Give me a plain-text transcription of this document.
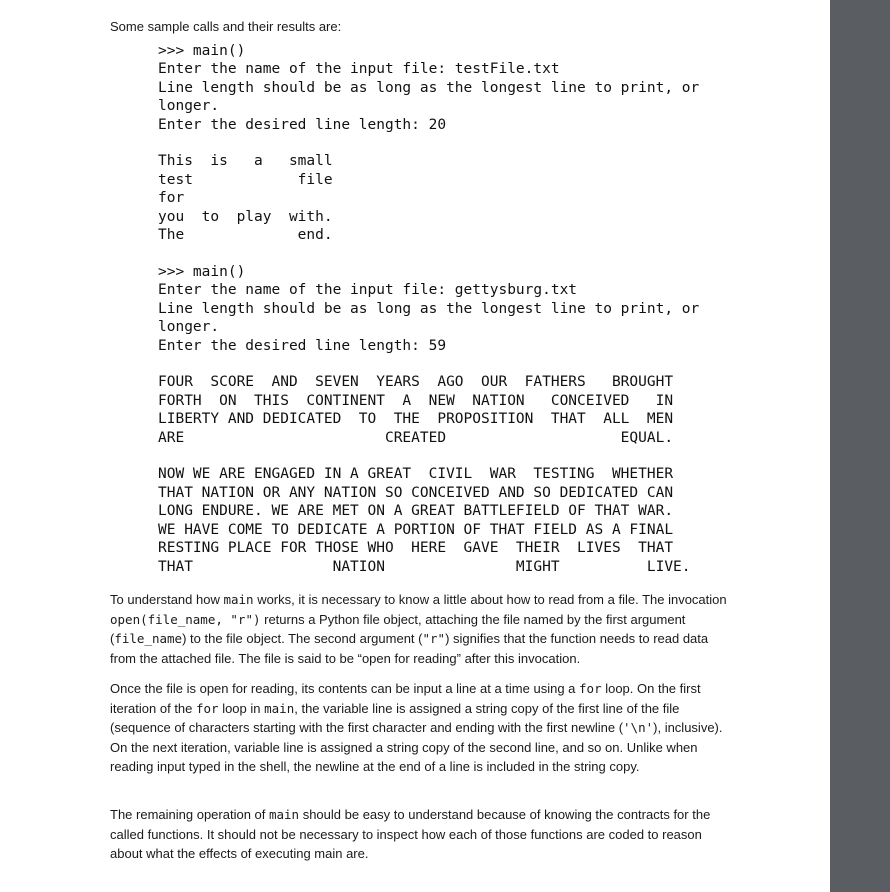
Some sample calls and their results are:
>>> main()
Enter the name of the input file: testFile.txt
Line length should be as long as the longest line to print, or
longer.
Enter the desired line length: 20

This  is   a   small
test            file
for
you  to  play  with.
The             end.
>>> main()
Enter the name of the input file: gettysburg.txt
Line length should be as long as the longest line to print, or
longer.
Enter the desired line length: 59

FOUR  SCORE  AND  SEVEN  YEARS  AGO  OUR  FATHERS   BROUGHT
FORTH  ON  THIS  CONTINENT  A  NEW  NATION   CONCEIVED   IN
LIBERTY AND DEDICATED  TO  THE  PROPOSITION  THAT  ALL  MEN
ARE                       CREATED                    EQUAL.

NOW WE ARE ENGAGED IN A GREAT  CIVIL  WAR  TESTING  WHETHER
THAT NATION OR ANY NATION SO CONCEIVED AND SO DEDICATED CAN
LONG ENDURE. WE ARE MET ON A GREAT BATTLEFIELD OF THAT WAR.
WE HAVE COME TO DEDICATE A PORTION OF THAT FIELD AS A FINAL
RESTING PLACE FOR THOSE WHO  HERE  GAVE  THEIR  LIVES  THAT
THAT                NATION               MIGHT          LIVE.
To understand how main works, it is necessary to know a little about how to read from a file. The invocation open(file_name, "r") returns a Python file object, attaching the file named by the first argument (file_name) to the file object. The second argument ("r") signifies that the function needs to read data from the attached file. The file is said to be “open for reading” after this invocation.
Once the file is open for reading, its contents can be input a line at a time using a for loop. On the first iteration of the for loop in main, the variable line is assigned a string copy of the first line of the file (sequence of characters starting with the first character and ending with the first newline ('\n'), inclusive). On the next iteration, variable line is assigned a string copy of the second line, and so on. Unlike when reading input typed in the shell, the newline at the end of a line is included in the string copy.
The remaining operation of main should be easy to understand because of knowing the contracts for the called functions. It should not be necessary to inspect how each of those functions are coded to reason about what the effects of executing main are.
